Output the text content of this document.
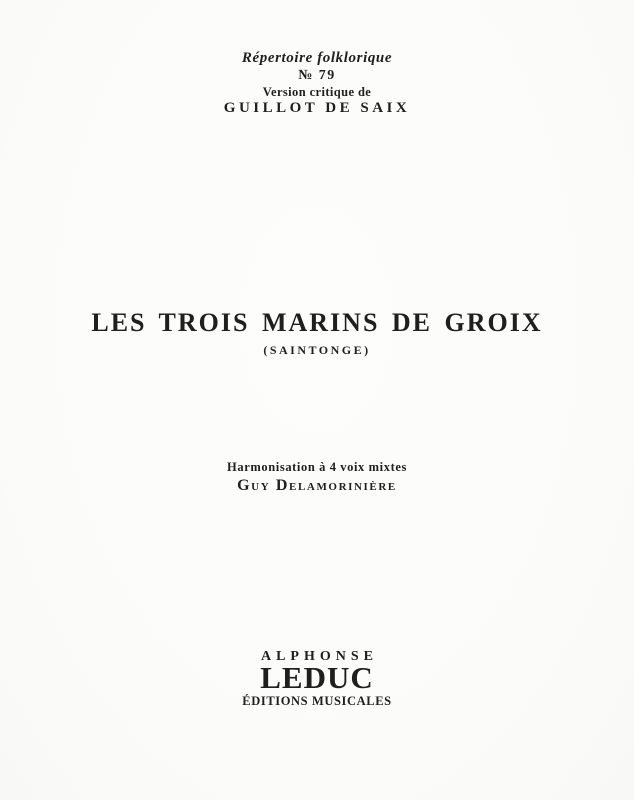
Répertoire folklorique
№ 79
Version critique de
GUILLOT DE SAIX
LES TROIS MARINS DE GROIX
(SAINTONGE)
Harmonisation à 4 voix mixtes
Guy Delamorinière
ALPHONSE
LEDUC
ÉDITIONS MUSICALES
